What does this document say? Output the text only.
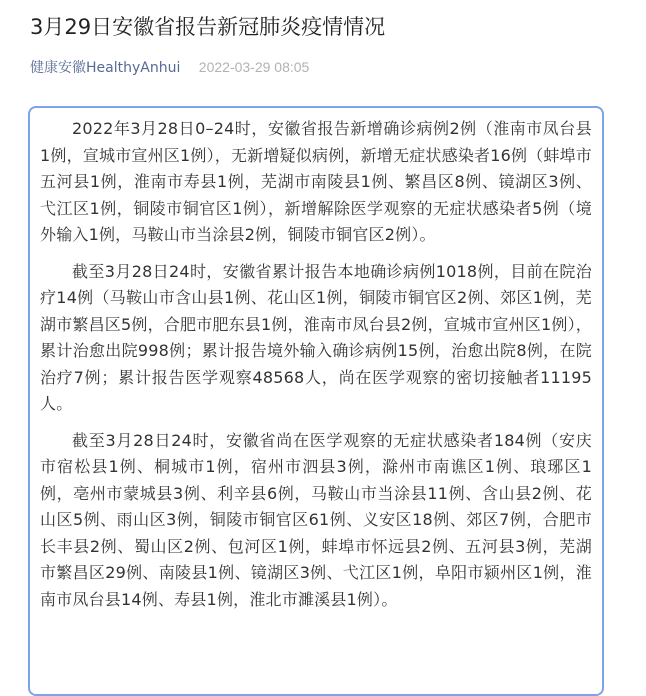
3月29日安徽省报告新冠肺炎疫情情况
健康安徽HealthyAnhui 2022-03-29 08:05

2022年3月28日0–24时，安徽省报告新增确诊病例2例（淮南市凤台县1例，宣城市宣州区1例），无新增疑似病例，新增无症状感染者16例（蚌埠市五河县1例，淮南市寿县1例，芜湖市南陵县1例、繁昌区8例、镜湖区3例、弋江区1例，铜陵市铜官区1例），新增解除医学观察的无症状感染者5例（境外输入1例，马鞍山市当涂县2例，铜陵市铜官区2例）。

截至3月28日24时，安徽省累计报告本地确诊病例1018例，目前在院治疗14例（马鞍山市含山县1例、花山区1例，铜陵市铜官区2例、郊区1例，芜湖市繁昌区5例，合肥市肥东县1例，淮南市凤台县2例，宣城市宣州区1例），累计治愈出院998例；累计报告境外输入确诊病例15例，治愈出院8例，在院治疗7例；累计报告医学观察48568人，尚在医学观察的密切接触者11195人。

截至3月28日24时，安徽省尚在医学观察的无症状感染者184例（安庆市宿松县1例、桐城市1例，宿州市泗县3例，滁州市南谯区1例、琅琊区1例，亳州市蒙城县3例、利辛县6例，马鞍山市当涂县11例、含山县2例、花山区5例、雨山区3例，铜陵市铜官区61例、义安区18例、郊区7例，合肥市长丰县2例、蜀山区2例、包河区1例，蚌埠市怀远县2例、五河县3例，芜湖市繁昌区29例、南陵县1例、镜湖区3例、弋江区1例，阜阳市颍州区1例，淮南市凤台县14例、寿县1例，淮北市濉溪县1例）。
